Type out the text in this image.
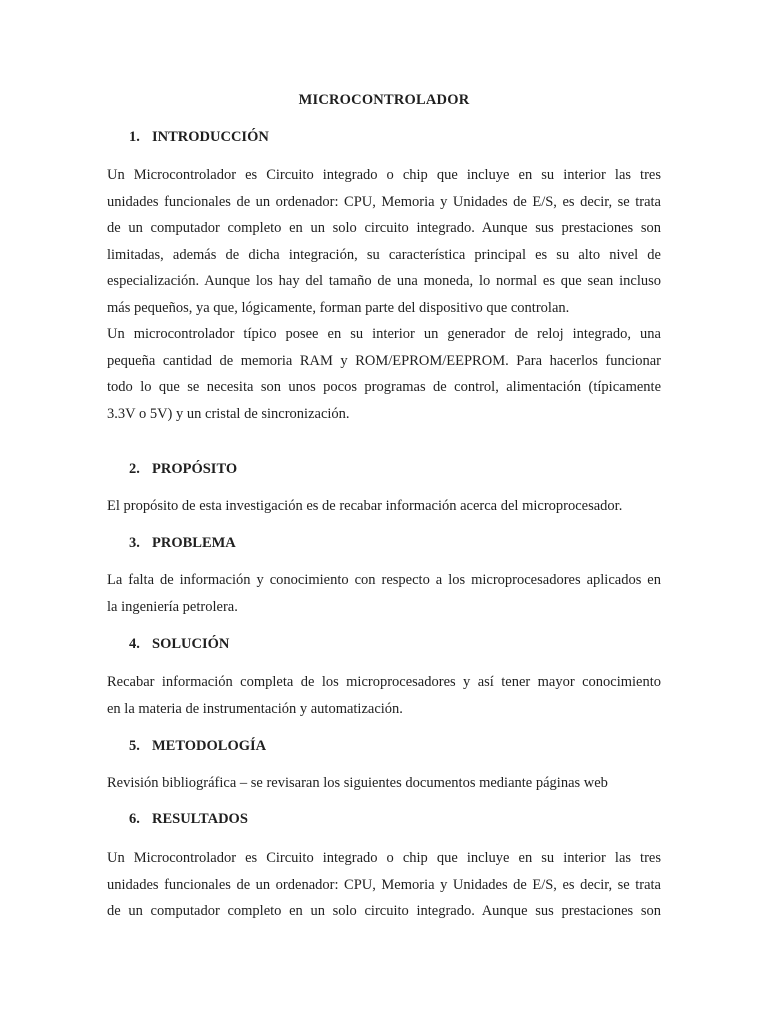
MICROCONTROLADOR
1. INTRODUCCIÓN

Un Microcontrolador es Circuito integrado o chip que incluye en su interior las tres
unidades funcionales de un ordenador: CPU, Memoria y Unidades de E/S, es decir, se trata
de un computador completo en un solo circuito integrado. Aunque sus prestaciones son
limitadas, además de dicha integración, su característica principal es su alto nivel de
especialización. Aunque los hay del tamaño de una moneda, lo normal es que sean incluso
más pequeños, ya que, lógicamente, forman parte del dispositivo que controlan.

Un microcontrolador típico posee en su interior un generador de reloj integrado, una
pequeña cantidad de memoria RAM y ROM/EPROM/EEPROM. Para hacerlos funcionar
todo lo que se necesita son unos pocos programas de control, alimentación (típicamente
3.3V o 5V) y un cristal de sincronización.

2. PROPÓSITO

El propósito de esta investigación es de recabar información acerca del microprocesador.

3. PROBLEMA

La falta de información y conocimiento con respecto a los microprocesadores aplicados en
la ingeniería petrolera.

4. SOLUCIÓN

Recabar información completa de los microprocesadores y así tener mayor conocimiento
en la materia de instrumentación y automatización.

5. METODOLOGÍA

Revisión bibliográfica – se revisaran los siguientes documentos mediante páginas web

6. RESULTADOS

Un Microcontrolador es Circuito integrado o chip que incluye en su interior las tres
unidades funcionales de un ordenador: CPU, Memoria y Unidades de E/S, es decir, se trata
de un computador completo en un solo circuito integrado. Aunque sus prestaciones son
